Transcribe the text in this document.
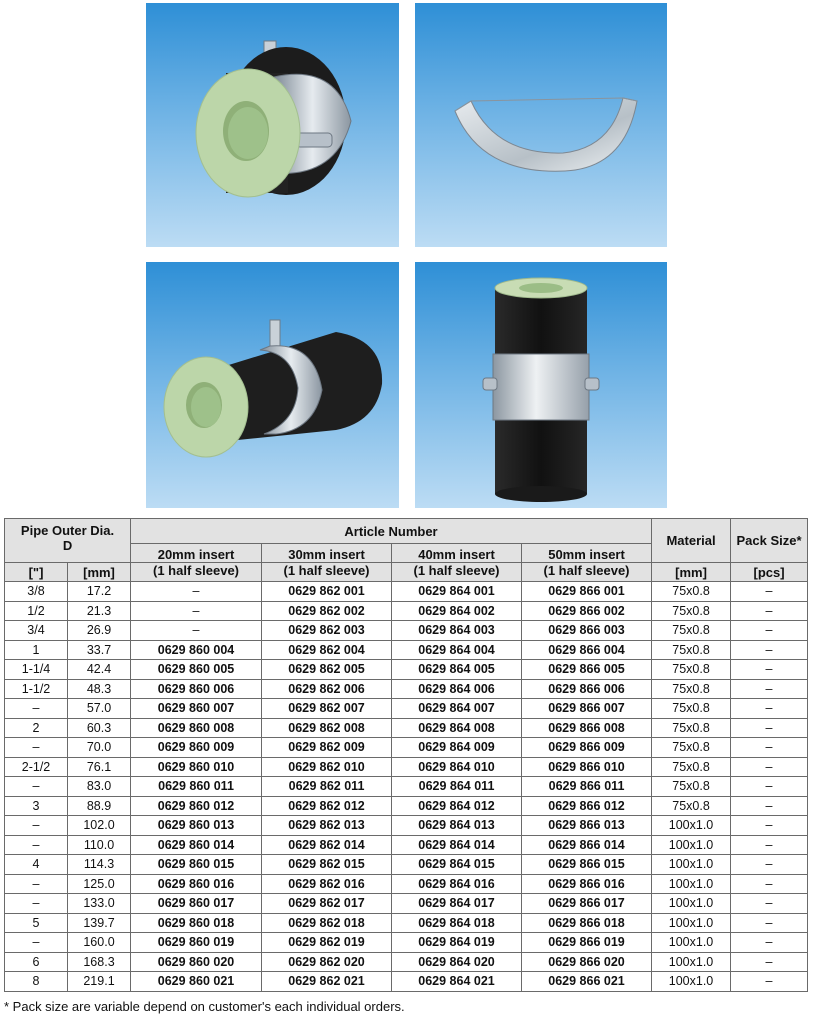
Pipe Outer Dia.
D		Article Number				Material	Pack Size*
		20mm insert	30mm insert	40mm insert	50mm insert		
["]	[mm]	(1 half sleeve)	(1 half sleeve)	(1 half sleeve)	(1 half sleeve)	[mm]	[pcs]
3/8	17.2	–	0629 862 001	0629 864 001	0629 866 001	75x0.8	–
1/2	21.3	–	0629 862 002	0629 864 002	0629 866 002	75x0.8	–
3/4	26.9	–	0629 862 003	0629 864 003	0629 866 003	75x0.8	–
1	33.7	0629 860 004	0629 862 004	0629 864 004	0629 866 004	75x0.8	–
1-1/4	42.4	0629 860 005	0629 862 005	0629 864 005	0629 866 005	75x0.8	–
1-1/2	48.3	0629 860 006	0629 862 006	0629 864 006	0629 866 006	75x0.8	–
–	57.0	0629 860 007	0629 862 007	0629 864 007	0629 866 007	75x0.8	–
2	60.3	0629 860 008	0629 862 008	0629 864 008	0629 866 008	75x0.8	–
–	70.0	0629 860 009	0629 862 009	0629 864 009	0629 866 009	75x0.8	–
2-1/2	76.1	0629 860 010	0629 862 010	0629 864 010	0629 866 010	75x0.8	–
–	83.0	0629 860 011	0629 862 011	0629 864 011	0629 866 011	75x0.8	–
3	88.9	0629 860 012	0629 862 012	0629 864 012	0629 866 012	75x0.8	–
–	102.0	0629 860 013	0629 862 013	0629 864 013	0629 866 013	100x1.0	–
–	110.0	0629 860 014	0629 862 014	0629 864 014	0629 866 014	100x1.0	–
4	114.3	0629 860 015	0629 862 015	0629 864 015	0629 866 015	100x1.0	–
–	125.0	0629 860 016	0629 862 016	0629 864 016	0629 866 016	100x1.0	–
–	133.0	0629 860 017	0629 862 017	0629 864 017	0629 866 017	100x1.0	–
5	139.7	0629 860 018	0629 862 018	0629 864 018	0629 866 018	100x1.0	–
–	160.0	0629 860 019	0629 862 019	0629 864 019	0629 866 019	100x1.0	–
6	168.3	0629 860 020	0629 862 020	0629 864 020	0629 866 020	100x1.0	–
8	219.1	0629 860 021	0629 862 021	0629 864 021	0629 866 021	100x1.0	–
* Pack size are variable depend on customer's each individual orders.
